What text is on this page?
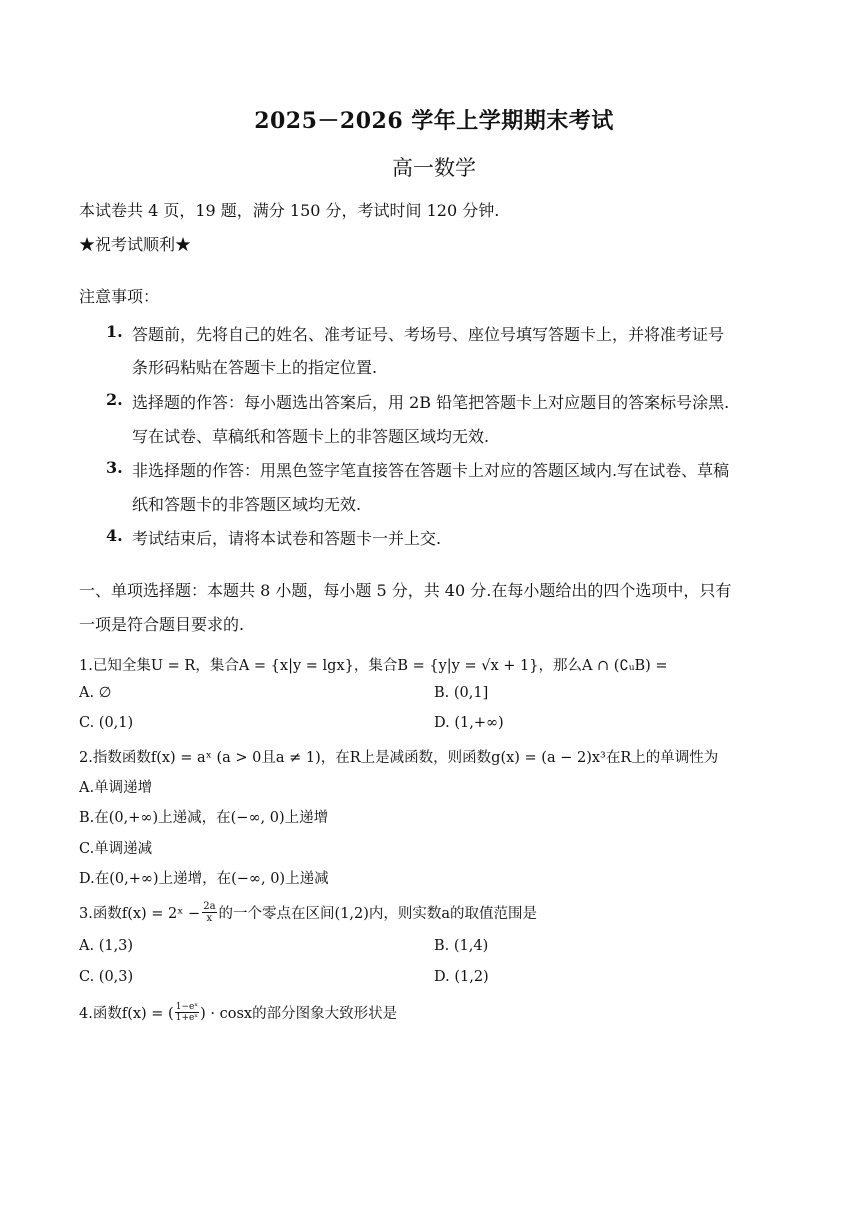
2025－2026 学年上学期期末考试
高一数学
本试卷共 4 页，19 题，满分 150 分，考试时间 120 分钟.
★祝考试顺利★
注意事项：
1. 答题前，先将自己的姓名、准考证号、考场号、座位号填写答题卡上，并将准考证号
条形码粘贴在答题卡上的指定位置.
2. 选择题的作答：每小题选出答案后，用 2B 铅笔把答题卡上对应题目的答案标号涂黑.
写在试卷、草稿纸和答题卡上的非答题区域均无效.
3. 非选择题的作答：用黑色签字笔直接答在答题卡上对应的答题区域内.写在试卷、草稿
纸和答题卡的非答题区域均无效.
4. 考试结束后，请将本试卷和答题卡一并上交.
一、单项选择题：本题共 8 小题，每小题 5 分，共 40 分.在每小题给出的四个选项中，只有
一项是符合题目要求的.
1.已知全集U = R，集合A = {x|y = lgx}，集合B = {y|y = √x + 1}，那么A ∩ (∁ᵤB) =
A. ∅	B. (0,1]
C. (0,1)	D. (1,+∞)
2.指数函数f(x) = aˣ (a > 0且a ≠ 1)，在R上是减函数，则函数g(x) = (a − 2)x³在R上的单调性为
A.单调递增
B.在(0,+∞)上递减，在(−∞, 0)上递增
C.单调递减
D.在(0,+∞)上递增，在(−∞, 0)上递减
3.函数f(x) = 2ˣ − $\frac{2a}{x}$ 的一个零点在区间(1,2)内，则实数a的取值范围是
A. (1,3)	B. (1,4)
C. (0,3)	D. (1,2)
4.函数f(x) = ( $\frac{\text{1−eˣ}}{\text{1+eˣ}}$ ) · cosx的部分图象大致形状是
